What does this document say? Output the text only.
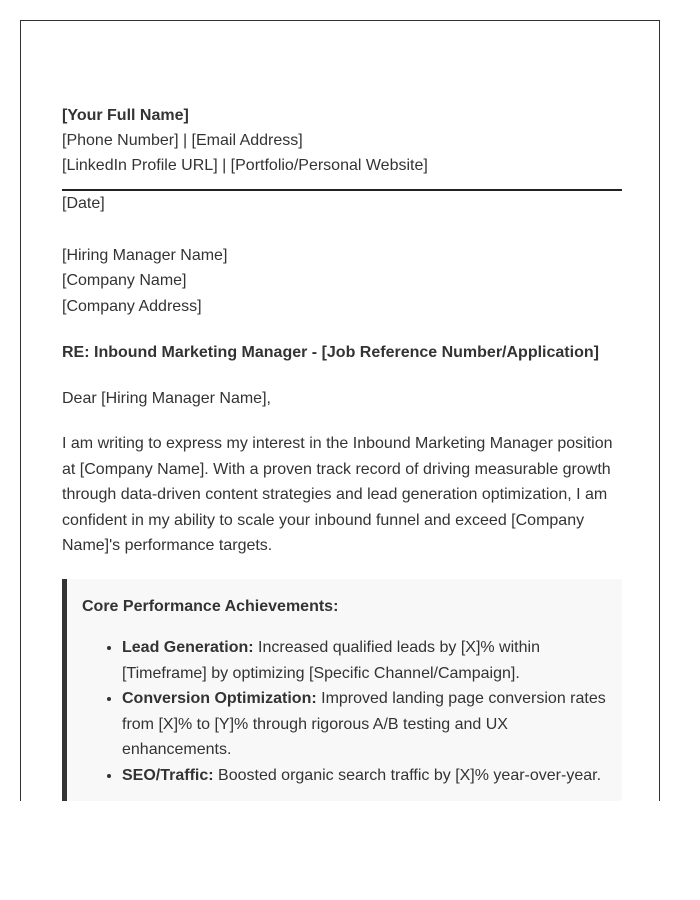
[Your Full Name]

[Phone Number] | [Email Address]

[LinkedIn Profile URL] | [Portfolio/Personal Website]

[Date]

[Hiring Manager Name]

[Company Name]

[Company Address]

RE: Inbound Marketing Manager - [Job Reference Number/Application]

Dear [Hiring Manager Name],

I am writing to express my interest in the Inbound Marketing Manager position at [Company Name]. With a proven track record of driving measurable growth through data-driven content strategies and lead generation optimization, I am confident in my ability to scale your inbound funnel and exceed [Company Name]'s performance targets.

Core Performance Achievements:

• Lead Generation: Increased qualified leads by [X]% within [Timeframe] by optimizing [Specific Channel/Campaign].
• Conversion Optimization: Improved landing page conversion rates from [X]% to [Y]% through rigorous A/B testing and UX enhancements.
• SEO/Traffic: Boosted organic search traffic by [X]% year-over-year.
